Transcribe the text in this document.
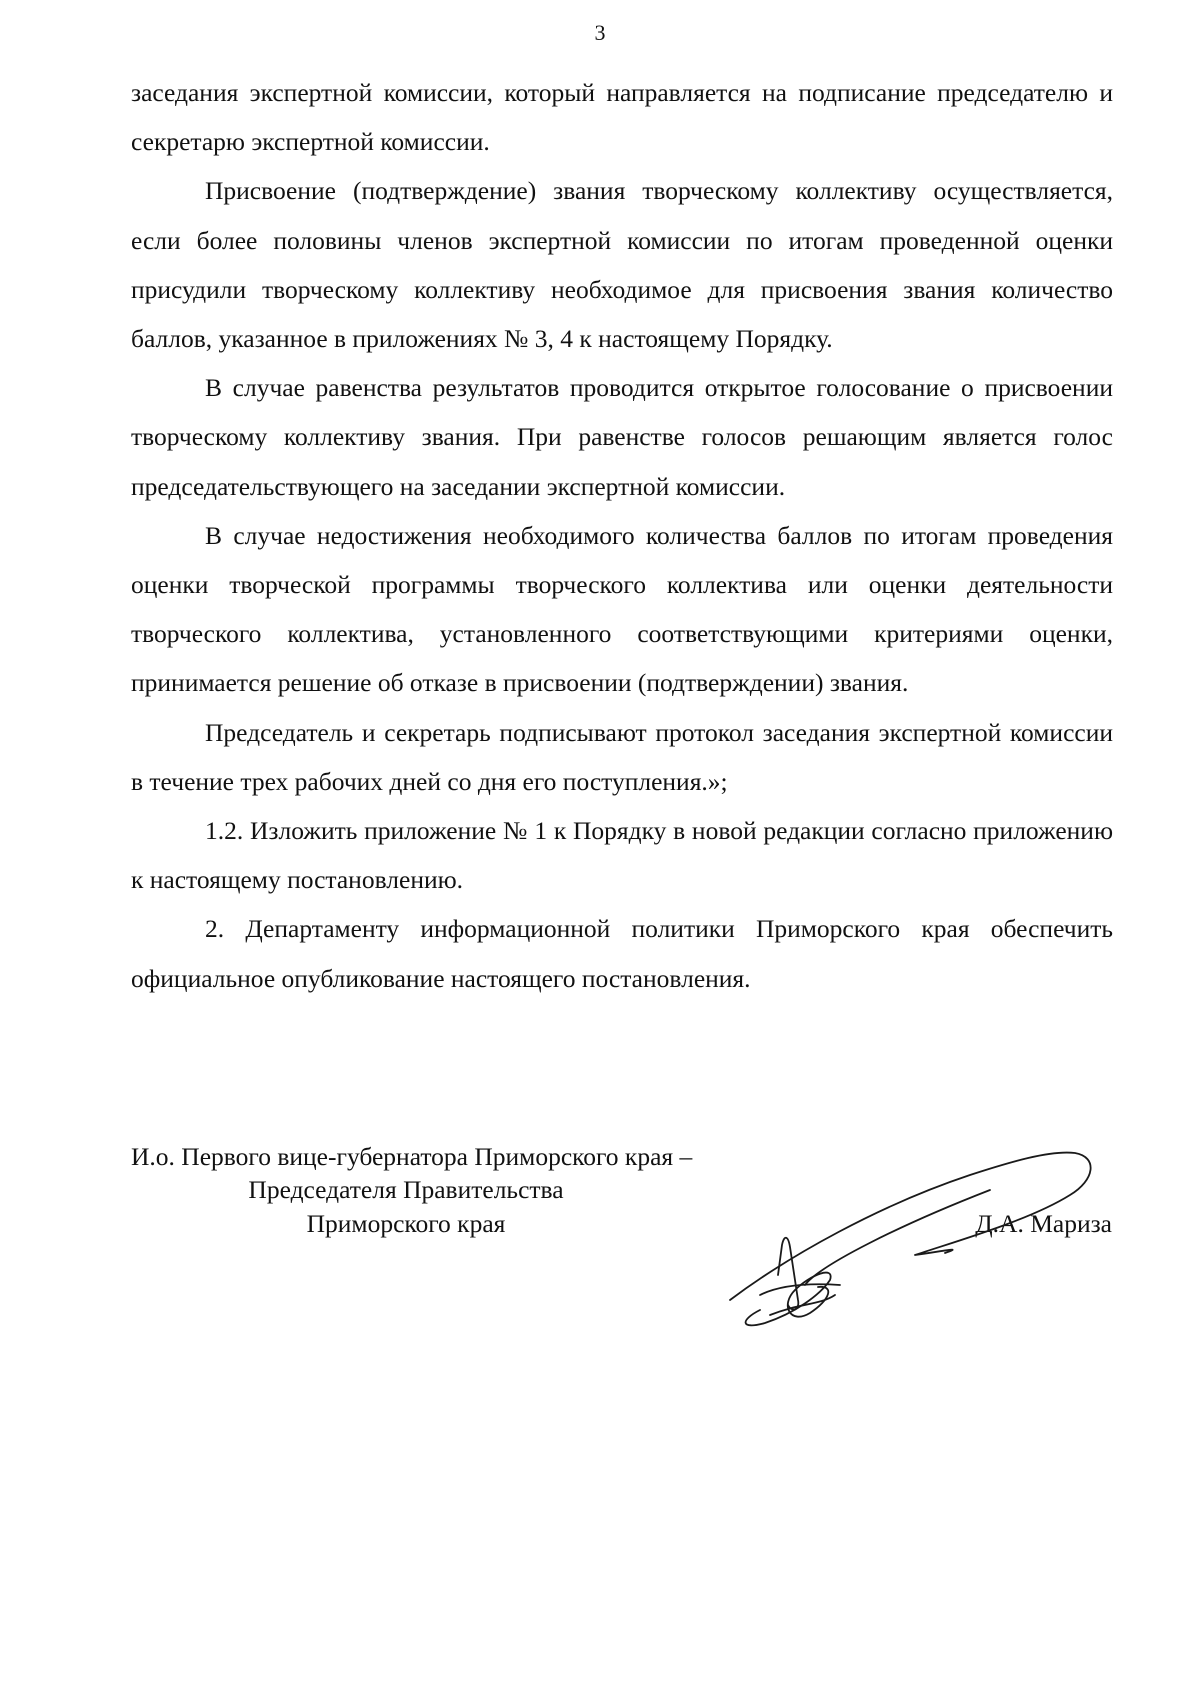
3

заседания экспертной комиссии, который направляется на подписание председателю и секретарю экспертной комиссии.

Присвоение (подтверждение) звания творческому коллективу осуществляется, если более половины членов экспертной комиссии по итогам проведенной оценки присудили творческому коллективу необходимое для присвоения звания количество баллов, указанное в приложениях № 3, 4 к настоящему Порядку.

В случае равенства результатов проводится открытое голосование о присвоении творческому коллективу звания. При равенстве голосов решающим является голос председательствующего на заседании экспертной комиссии.

В случае недостижения необходимого количества баллов по итогам проведения оценки творческой программы творческого коллектива или оценки деятельности творческого коллектива, установленного соответствующими критериями оценки, принимается решение об отказе в присвоении (подтверждении) звания.

Председатель и секретарь подписывают протокол заседания экспертной комиссии в течение трех рабочих дней со дня его поступления.»;

1.2. Изложить приложение № 1 к Порядку в новой редакции согласно приложению к настоящему постановлению.

2. Департаменту информационной политики Приморского края обеспечить официальное опубликование настоящего постановления.

И.о. Первого вице-губернатора Приморского края –
Председателя Правительства
Приморского края	Д.А. Мариза
